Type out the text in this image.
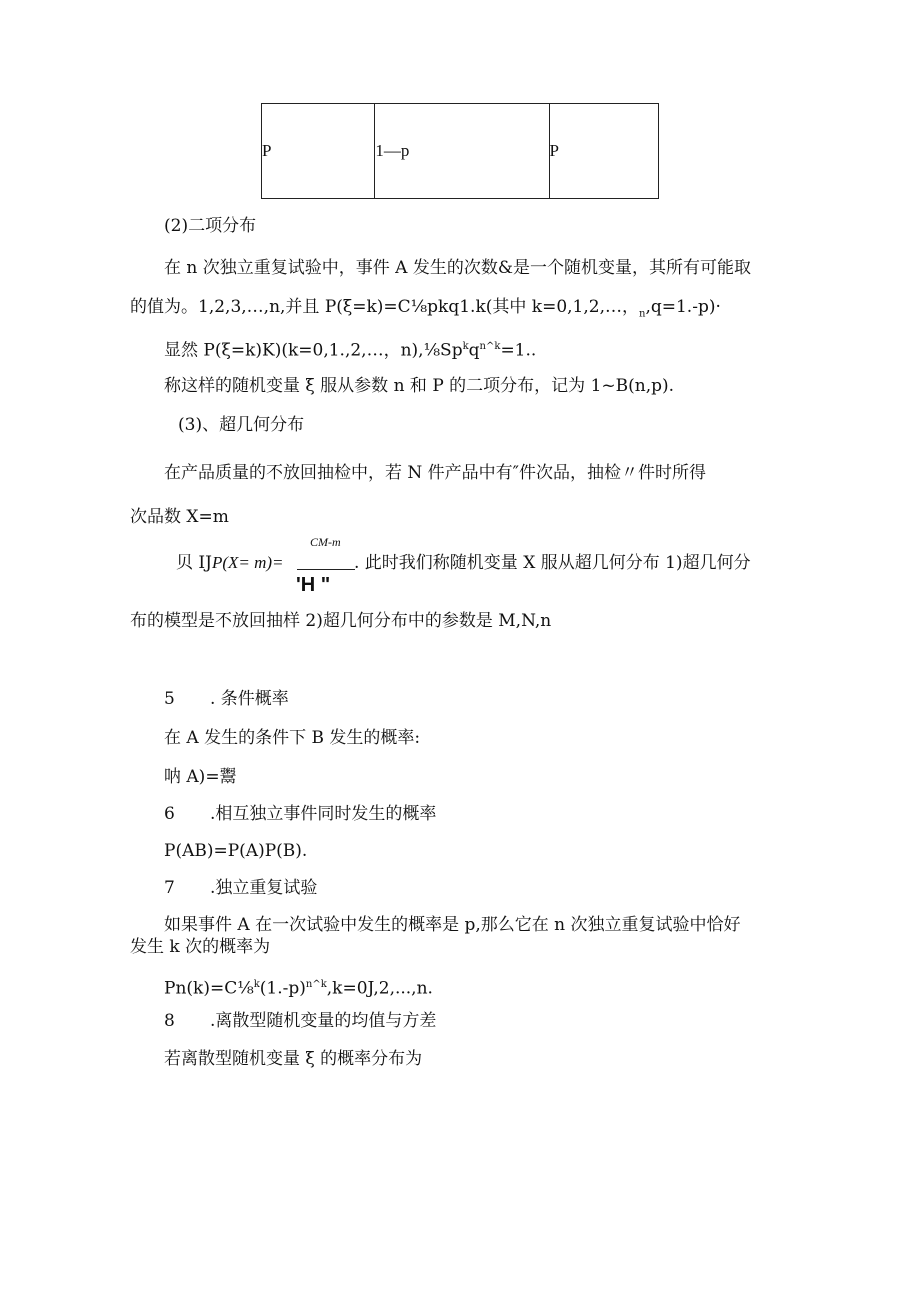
P	1—p	P
(2)二项分布
在 n 次独立重复试验中，事件 A 发生的次数&是一个随机变量，其所有可能取
的值为。1,2,3,…,n,并且 P(ξ=k)=C⅛pkq1.k(其中 k=0,1,2,…，$_n$,q=1.-p)·
显然 P(ξ=k)K)(k=0,1.,2,…，$n),\frac{1}{8}Sp^kq^{n\^{}k}=1$..
称这样的随机变量 ξ 服从参数 n 和 P 的二项分布，记为 1~B(n,p).
(3)、超几何分布
在产品质量的不放回抽检中，若 N 件产品中有″件次品，抽检〃件时所得
次品数 X=m
CM-m
贝 IJP(X= m)=
'H "
. 此时我们称随机变量 X 服从超几何分布 1)超几何分
布的模型是不放回抽样 2)超几何分布中的参数是 M,N,n
5 . 条件概率
在 A 发生的条件下 B 发生的概率:
呐 A)=鬻
6 .相互独立事件同时发生的概率
P(AB)=P(A)P(B).
7 .独立重复试验
如果事件 A 在一次试验中发生的概率是 p,那么它在 n 次独立重复试验中恰好
发生 k 次的概率为
$Pn(k)=C\frac{1}{8}^k(1.-p)^{n\^{}k},k=0J,2,...,n$.
8 .离散型随机变量的均值与方差
若离散型随机变量 ξ 的概率分布为
